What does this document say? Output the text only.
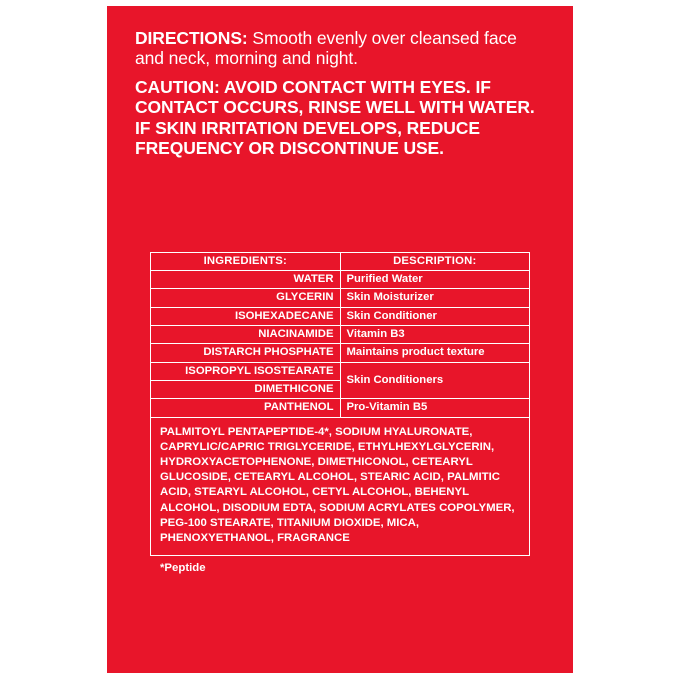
DIRECTIONS: Smooth evenly over cleansed face and neck, morning and night.

CAUTION: AVOID CONTACT WITH EYES. IF CONTACT OCCURS, RINSE WELL WITH WATER. IF SKIN IRRITATION DEVELOPS, REDUCE FREQUENCY OR DISCONTINUE USE.

INGREDIENTS:	DESCRIPTION:
WATER	Purified Water
GLYCERIN	Skin Moisturizer
ISOHEXADECANE	Skin Conditioner
NIACINAMIDE	Vitamin B3
DISTARCH PHOSPHATE	Maintains product texture
ISOPROPYL ISOSTEARATE	Skin Conditioners
DIMETHICONE	
PANTHENOL	Pro-Vitamin B5
PALMITOYL PENTAPEPTIDE-4*, SODIUM HYALURONATE, CAPRYLIC/CAPRIC TRIGLYCERIDE, ETHYLHEXYLGLYCERIN, HYDROXYACETOPHENONE, DIMETHICONOL, CETEARYL GLUCOSIDE, CETEARYL ALCOHOL, STEARIC ACID, PALMITIC ACID, STEARYL ALCOHOL, CETYL ALCOHOL, BEHENYL ALCOHOL, DISODIUM EDTA, SODIUM ACRYLATES COPOLYMER, PEG-100 STEARATE, TITANIUM DIOXIDE, MICA, PHENOXYETHANOL, FRAGRANCE
*Peptide
